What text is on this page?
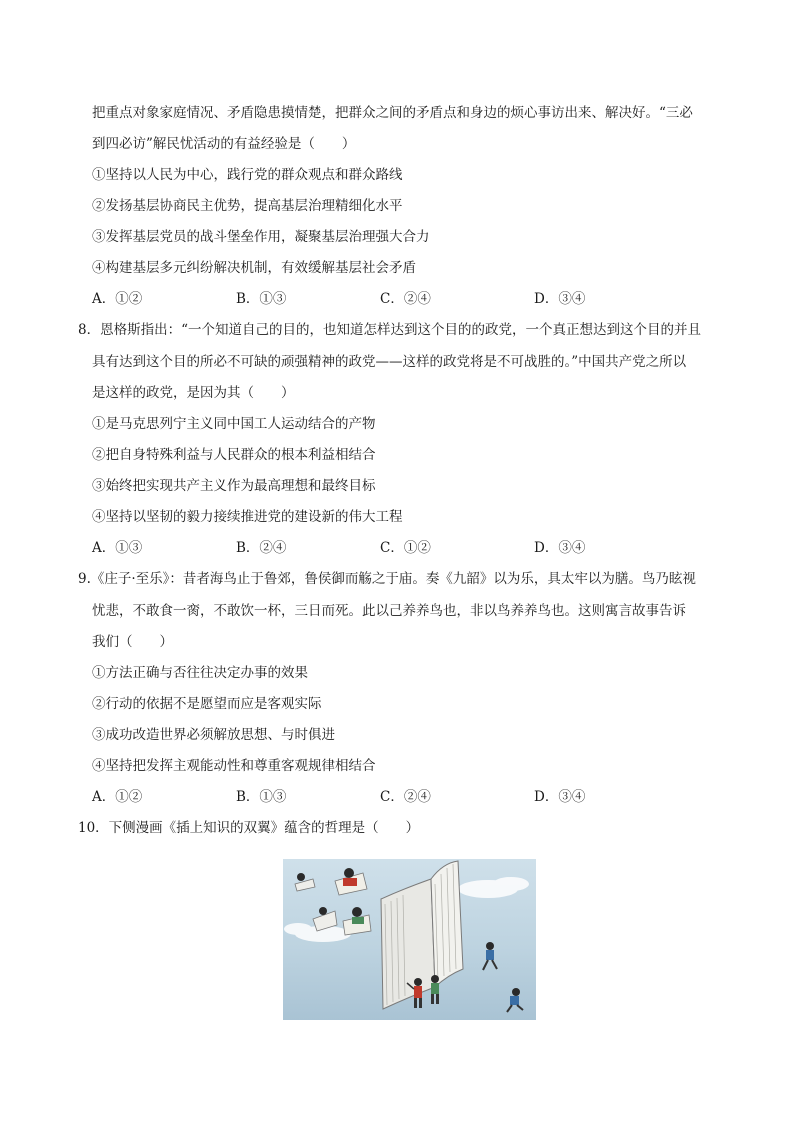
把重点对象家庭情况、矛盾隐患摸情楚，把群众之间的矛盾点和身边的烦心事访出来、解决好。“三必
到四必访”解民忧活动的有益经验是（　　）
①坚持以人民为中心，践行党的群众观点和群众路线
②发扬基层协商民主优势，提高基层治理精细化水平
③发挥基层党员的战斗堡垒作用，凝聚基层治理强大合力
④构建基层多元纠纷解决机制，有效缓解基层社会矛盾
A．①②	B．①③	C．②④	D．③④
8．恩格斯指出：“一个知道自己的目的，也知道怎样达到这个目的的政党，一个真正想达到这个目的并且
具有达到这个目的所必不可缺的顽强精神的政党——这样的政党将是不可战胜的。”中国共产党之所以
是这样的政党，是因为其（　　）
①是马克思列宁主义同中国工人运动结合的产物
②把自身特殊利益与人民群众的根本利益相结合
③始终把实现共产主义作为最高理想和最终目标
④坚持以坚韧的毅力接续推进党的建设新的伟大工程
A．①③	B．②④	C．①②	D．③④
9.《庄子·至乐》：昔者海鸟止于鲁郊，鲁侯御而觞之于庙。奏《九韶》以为乐，具太牢以为膳。鸟乃眩视
忧悲，不敢食一脔，不敢饮一杯，三日而死。此以己养养鸟也，非以鸟养养鸟也。这则寓言故事告诉
我们（　　）
①方法正确与否往往决定办事的效果
②行动的依据不是愿望而应是客观实际
③成功改造世界必须解放思想、与时俱进
④坚持把发挥主观能动性和尊重客观规律相结合
A．①②	B．①③	C．②④	D．③④
10．下侧漫画《插上知识的双翼》蕴含的哲理是（　　）
